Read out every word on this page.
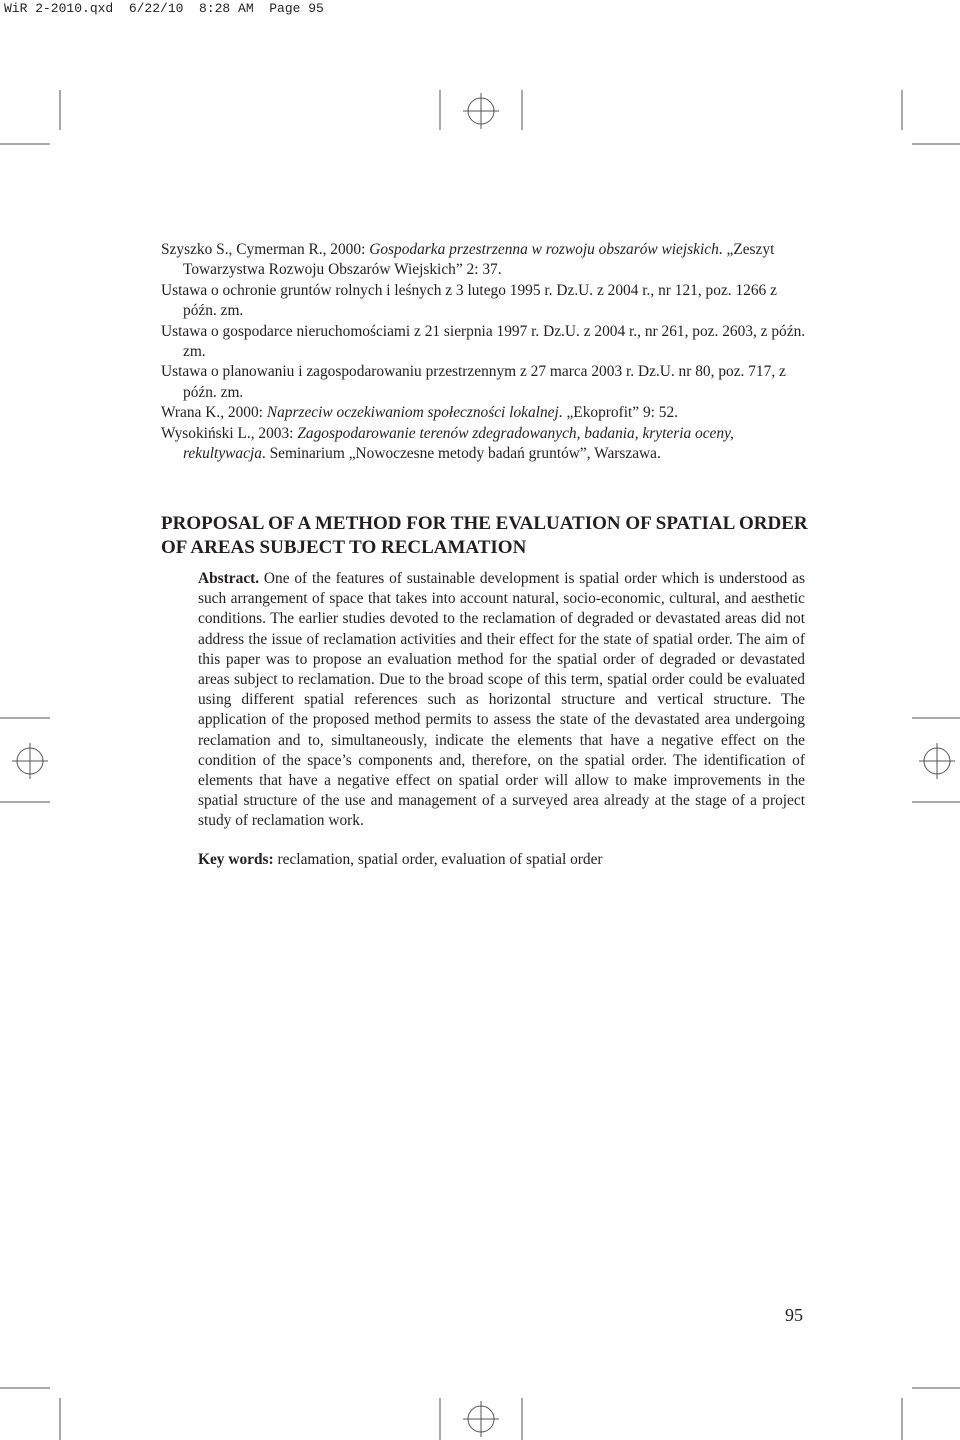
WiR 2-2010.qxd  6/22/10  8:28 AM  Page 95

Szyszko S., Cymerman R., 2000: Gospodarka przestrzenna w rozwoju obszarów wiejskich. „Zeszyt Towarzystwa Rozwoju Obszarów Wiejskich” 2: 37.

Ustawa o ochronie gruntów rolnych i leśnych z 3 lutego 1995 r. Dz.U. z 2004 r., nr 121, poz. 1266 z późn. zm.

Ustawa o gospodarce nieruchomościami z 21 sierpnia 1997 r. Dz.U. z 2004 r., nr 261, poz. 2603, z późn. zm.

Ustawa o planowaniu i zagospodarowaniu przestrzennym z 27 marca 2003 r. Dz.U. nr 80, poz. 717, z późn. zm.

Wrana K., 2000: Naprzeciw oczekiwaniom społeczności lokalnej. „Ekoprofit” 9: 52.

Wysokiński L., 2003: Zagospodarowanie terenów zdegradowanych, badania, kryteria oceny, rekultywacja. Seminarium „Nowoczesne metody badań gruntów”, Warszawa.

PROPOSAL OF A METHOD FOR THE EVALUATION OF SPATIAL ORDER OF AREAS SUBJECT TO RECLAMATION

Abstract. One of the features of sustainable development is spatial order which is understood as such arrangement of space that takes into account natural, socio-economic, cultural, and aesthetic conditions. The earlier studies devoted to the reclamation of degraded or devastated areas did not address the issue of reclamation activities and their effect for the state of spatial order. The aim of this paper was to propose an evaluation method for the spatial order of degraded or devastated areas subject to reclamation. Due to the broad scope of this term, spatial order could be evaluated using different spatial references such as horizontal structure and vertical structure. The application of the proposed method permits to assess the state of the devastated area undergoing reclamation and to, simultaneously, indicate the elements that have a negative effect on the condition of the space’s components and, therefore, on the spatial order. The identification of elements that have a negative effect on spatial order will allow to make improvements in the spatial structure of the use and management of a surveyed area already at the stage of a project study of reclamation work.

Key words: reclamation, spatial order, evaluation of spatial order

95
